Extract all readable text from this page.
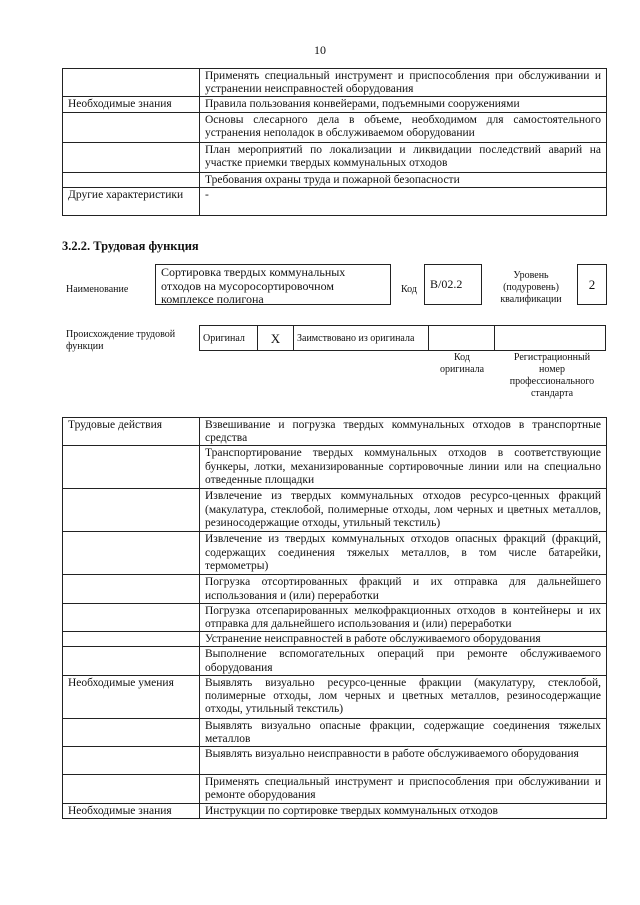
10
	Применять специальный инструмент и приспособления при обслуживании и устранении неисправностей оборудования
Необходимые знания	Правила пользования конвейерами, подъемными сооружениями
	Основы слесарного дела в объеме, необходимом для самостоятельного устранения неполадок в обслуживаемом оборудовании
	План мероприятий по локализации и ликвидации последствий аварий на участке приемки твердых коммунальных отходов
	Требования охраны труда и пожарной безопасности
Другие характеристики	-
3.2.2. Трудовая функция
Наименование
Сортировка твердых коммунальных отходов на мусоросортировочном комплексе полигона
Код	B/02.2
Уровень (подуровень) квалификации
2
Происхождение трудовой функции
Оригинал	X	Заимствовано из оригинала		
Код оригинала
Регистрационный номер профессионального стандарта
Трудовые действия	Взвешивание и погрузка твердых коммунальных отходов в транспортные средства
	Транспортирование твердых коммунальных отходов в соответствующие бункеры, лотки, механизированные сортировочные линии или на специально отведенные площадки
	Извлечение из твердых коммунальных отходов ресурсо-ценных фракций (макулатура, стеклобой, полимерные отходы, лом черных и цветных металлов, резиносодержащие отходы, утильный текстиль)
	Извлечение из твердых коммунальных отходов опасных фракций (фракций, содержащих соединения тяжелых металлов, в том числе батарейки, термометры)
	Погрузка отсортированных фракций и их отправка для дальнейшего использования и (или) переработки
	Погрузка отсепарированных мелкофракционных отходов в контейнеры и их отправка для дальнейшего использования и (или) переработки
	Устранение неисправностей в работе обслуживаемого оборудования
	Выполнение вспомогательных операций при ремонте обслуживаемого оборудования
Необходимые умения	Выявлять визуально ресурсо-ценные фракции (макулатуру, стеклобой, полимерные отходы, лом черных и цветных металлов, резиносодержащие отходы, утильный текстиль)
	Выявлять визуально опасные фракции, содержащие соединения тяжелых металлов
	Выявлять визуально неисправности в работе обслуживаемого оборудования
	Применять специальный инструмент и приспособления при обслуживании и ремонте оборудования
Необходимые знания	Инструкции по сортировке твердых коммунальных отходов
